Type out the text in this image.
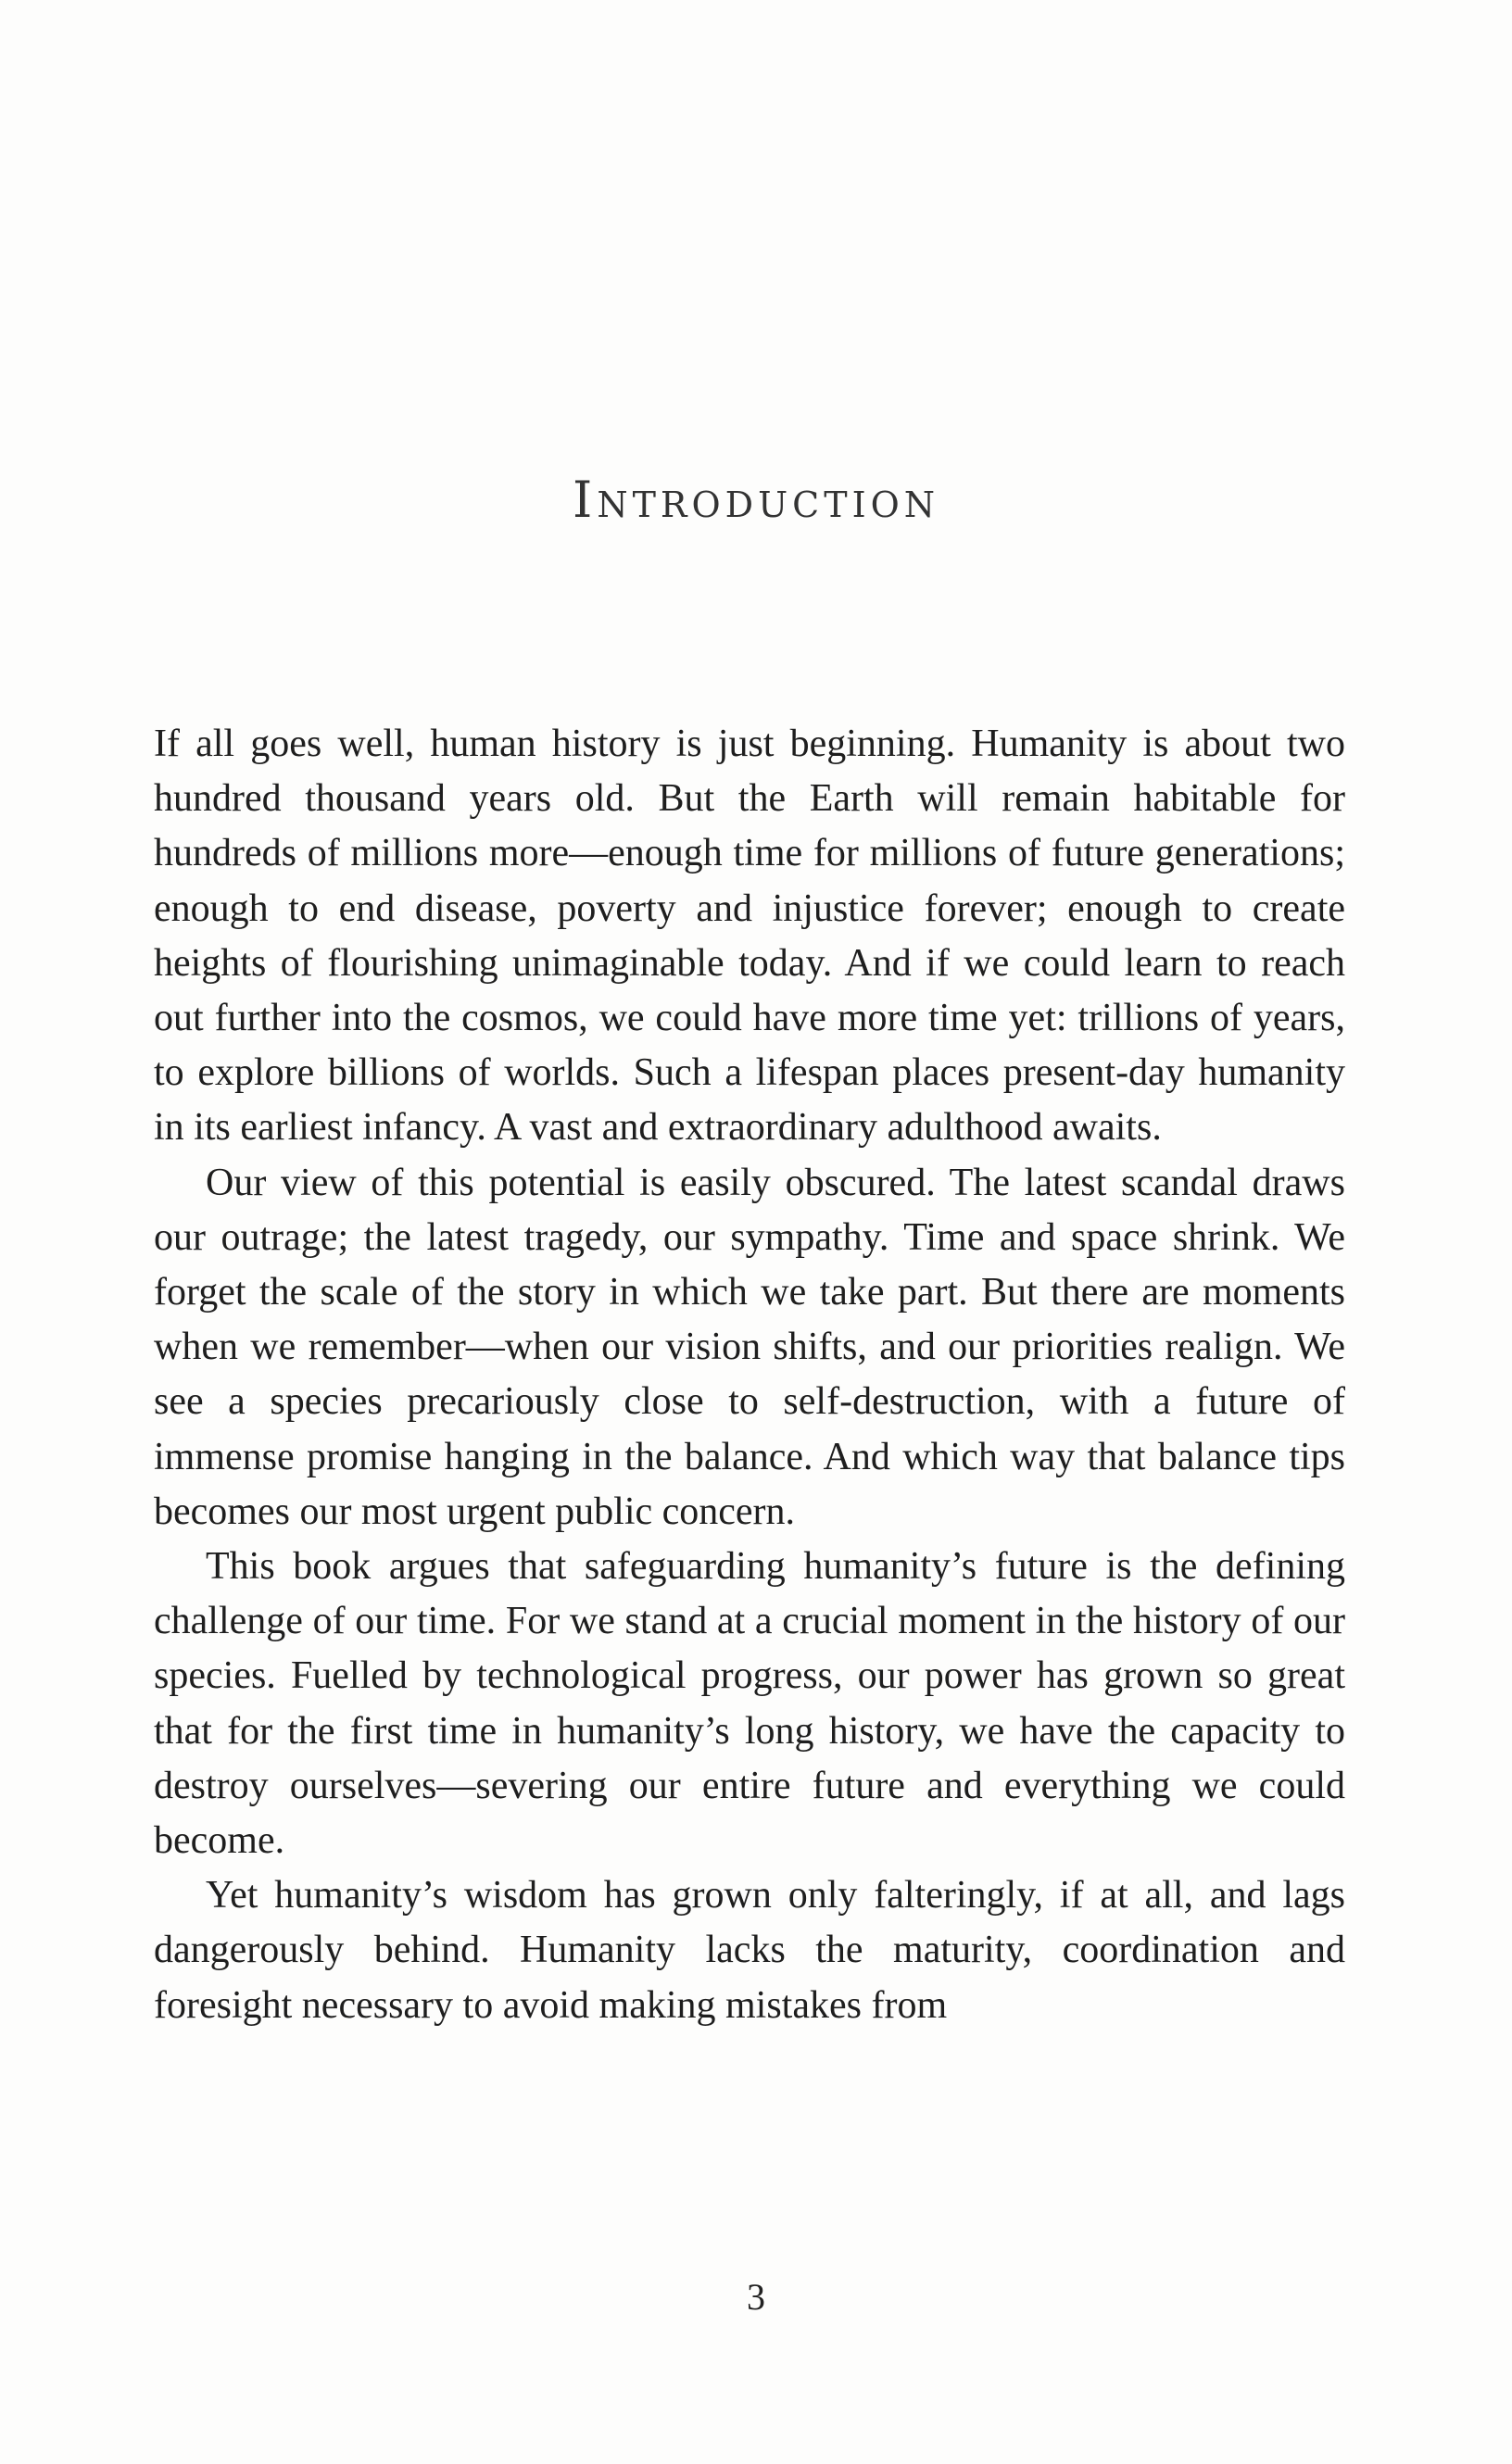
Introduction

If all goes well, human history is just beginning. Humanity is about two hundred thousand years old. But the Earth will remain habitable for hundreds of millions more—enough time for millions of future generations; enough to end disease, poverty and injustice forever; enough to create heights of flourishing unimaginable today. And if we could learn to reach out further into the cosmos, we could have more time yet: trillions of years, to explore billions of worlds. Such a lifespan places present-day humanity in its earliest infancy. A vast and extraordinary adulthood awaits.

Our view of this potential is easily obscured. The latest scandal draws our outrage; the latest tragedy, our sympathy. Time and space shrink. We forget the scale of the story in which we take part. But there are moments when we remember—when our vision shifts, and our priorities realign. We see a species precariously close to self-destruction, with a future of immense promise hanging in the balance. And which way that balance tips becomes our most urgent public concern.

This book argues that safeguarding humanity’s future is the defining challenge of our time. For we stand at a crucial moment in the history of our species. Fuelled by technological progress, our power has grown so great that for the first time in humanity’s long history, we have the capacity to destroy ourselves—severing our entire future and everything we could become.

Yet humanity’s wisdom has grown only falteringly, if at all, and lags dangerously behind. Humanity lacks the maturity, coordination and foresight necessary to avoid making mistakes from

3
